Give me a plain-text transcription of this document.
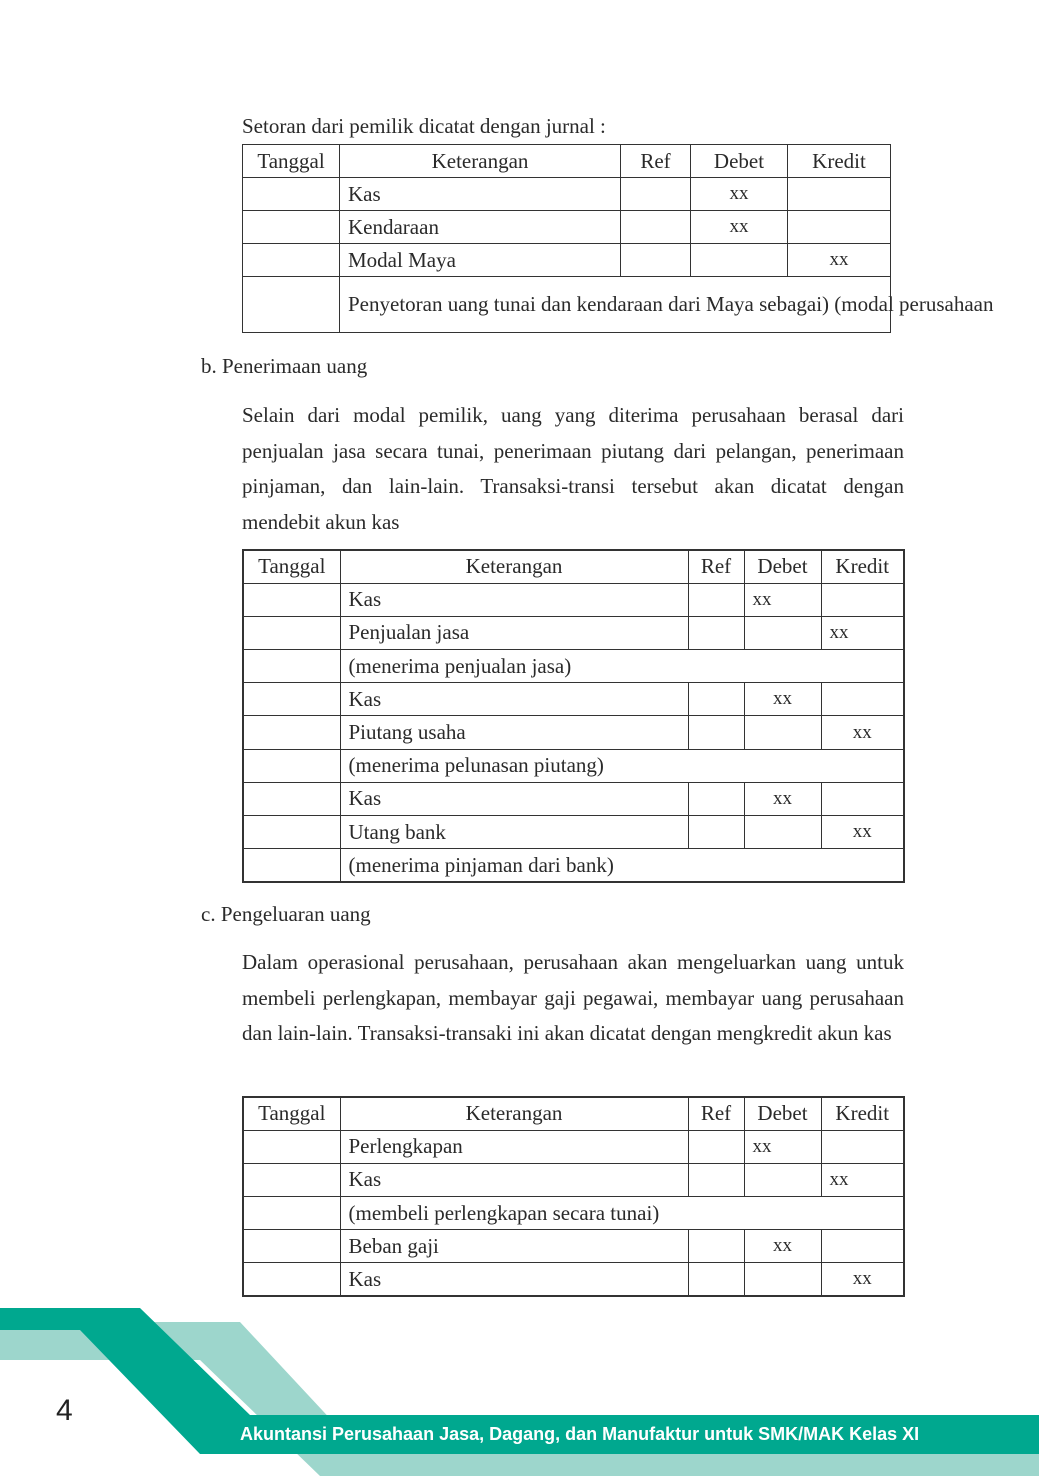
Setoran dari pemilik dicatat dengan jurnal :
Tanggal	Keterangan	Ref	Debet	Kredit
	Kas		xx	
	Kendaraan		xx	
	Modal Maya			xx
	Penyetoran uang tunai dan kendaraan dari Maya sebagai) (modal perusahaan			
b. Penerimaan uang

Selain dari modal pemilik, uang yang diterima perusahaan berasal dari penjualan jasa secara tunai, penerimaan piutang dari pelangan, penerimaan pinjaman, dan lain-lain. Transaksi-transi tersebut akan dicatat dengan mendebit akun kas

Tanggal	Keterangan	Ref	Debet	Kredit
	Kas		xx	
	Penjualan jasa			xx
	(menerima penjualan jasa)			
	Kas		xx	
	Piutang usaha			xx
	(menerima pelunasan piutang)			
	Kas		xx	
	Utang bank			xx
	(menerima pinjaman dari bank)			
c. Pengeluaran uang

Dalam operasional perusahaan, perusahaan akan mengeluarkan uang untuk membeli perlengkapan, membayar gaji pegawai, membayar uang perusahaan dan lain-lain. Transaksi-transaki ini akan dicatat dengan mengkredit akun kas

Tanggal	Keterangan	Ref	Debet	Kredit
	Perlengkapan		xx	
	Kas			xx
	(membeli perlengkapan secara tunai)			
	Beban gaji		xx	
	Kas			xx
4
Akuntansi Perusahaan Jasa, Dagang, dan Manufaktur untuk SMK/MAK Kelas XI
